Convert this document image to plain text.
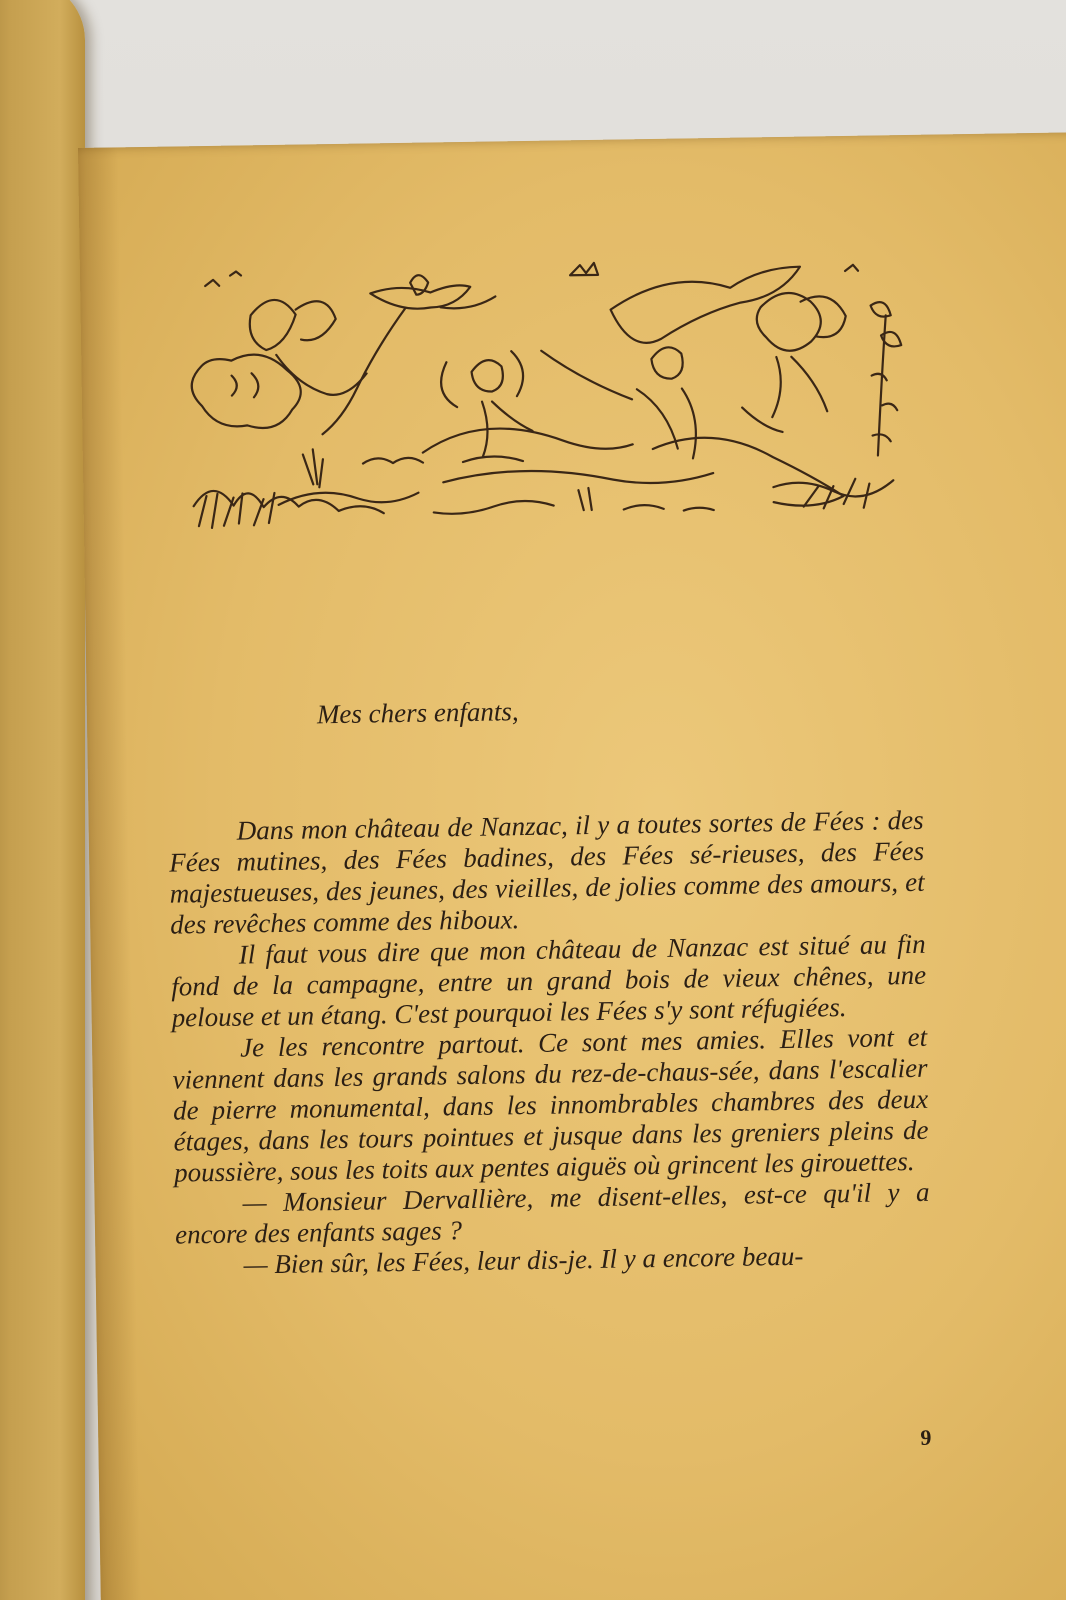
Mes chers enfants,

Dans mon château de Nanzac, il y a toutes sortes de Fées : des Fées mutines, des Fées badines, des Fées sé-rieuses, des Fées majestueuses, des jeunes, des vieilles, de jolies comme des amours, et des revêches comme des hiboux.

Il faut vous dire que mon château de Nanzac est situé au fin fond de la campagne, entre un grand bois de vieux chênes, une pelouse et un étang. C'est pourquoi les Fées s'y sont réfugiées.

Je les rencontre partout. Ce sont mes amies. Elles vont et viennent dans les grands salons du rez-de-chaus-sée, dans l'escalier de pierre monumental, dans les innombrables chambres des deux étages, dans les tours pointues et jusque dans les greniers pleins de poussière, sous les toits aux pentes aiguës où grincent les girouettes.

— Monsieur Dervallière, me disent-elles, est-ce qu'il y a encore des enfants sages ?

— Bien sûr, les Fées, leur dis-je. Il y a encore beau-

9
